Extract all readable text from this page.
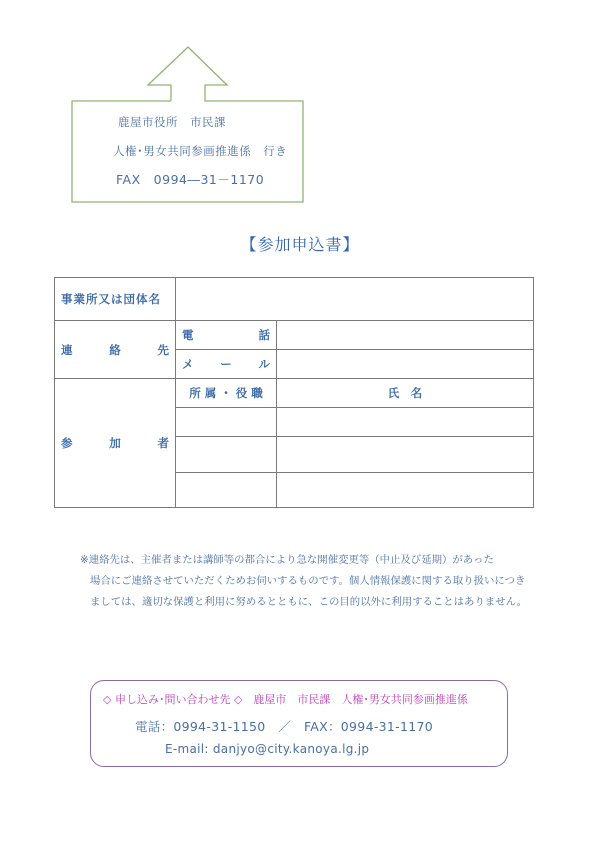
鹿屋市役所　市民課
人権･男女共同参画推進係　行き
FAX　0994―31－1170
【参加申込書】
事業所又は団体名		

連 絡 先	電 話	

	メ ー ル	

参 加 者	所 属 ・ 役 職	氏　名

※連絡先は、主催者または講師等の都合により急な開催変更等（中止及び延期）があった
場合にご連絡させていただくためお伺いするものです。個人情報保護に関する取り扱いにつき
ましては、適切な保護と利用に努めるとともに、この目的以外に利用することはありません。
◇ 申し込み･問い合わせ先 ◇　鹿屋市　市民課　人権･男女共同参画推進係
電話：0994-31-1150　／　FAX：0994-31-1170
E-mail: danjyo@city.kanoya.lg.jp
